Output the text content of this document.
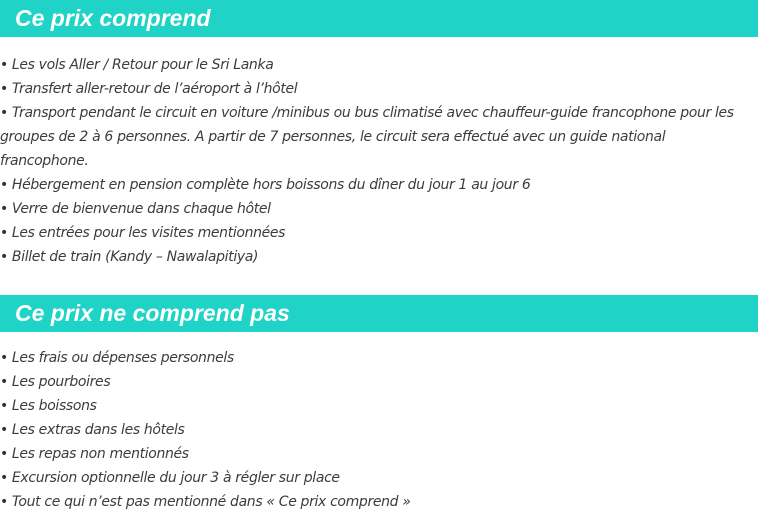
Ce prix comprend
• Les vols Aller / Retour pour le Sri Lanka
• Transfert aller-retour de l’aéroport à l’hôtel
• Transport pendant le circuit en voiture /minibus ou bus climatisé avec chauffeur-guide francophone pour les groupes de 2 à 6 personnes. A partir de 7 personnes, le circuit sera effectué avec un guide national francophone.
• Hébergement en pension complète hors boissons du dîner du jour 1 au jour 6
• Verre de bienvenue dans chaque hôtel
• Les entrées pour les visites mentionnées
• Billet de train (Kandy – Nawalapitiya)
Ce prix ne comprend pas
• Les frais ou dépenses personnels
• Les pourboires
• Les boissons
• Les extras dans les hôtels
• Les repas non mentionnés
• Excursion optionnelle du jour 3 à régler sur place
• Tout ce qui n’est pas mentionné dans « Ce prix comprend »
